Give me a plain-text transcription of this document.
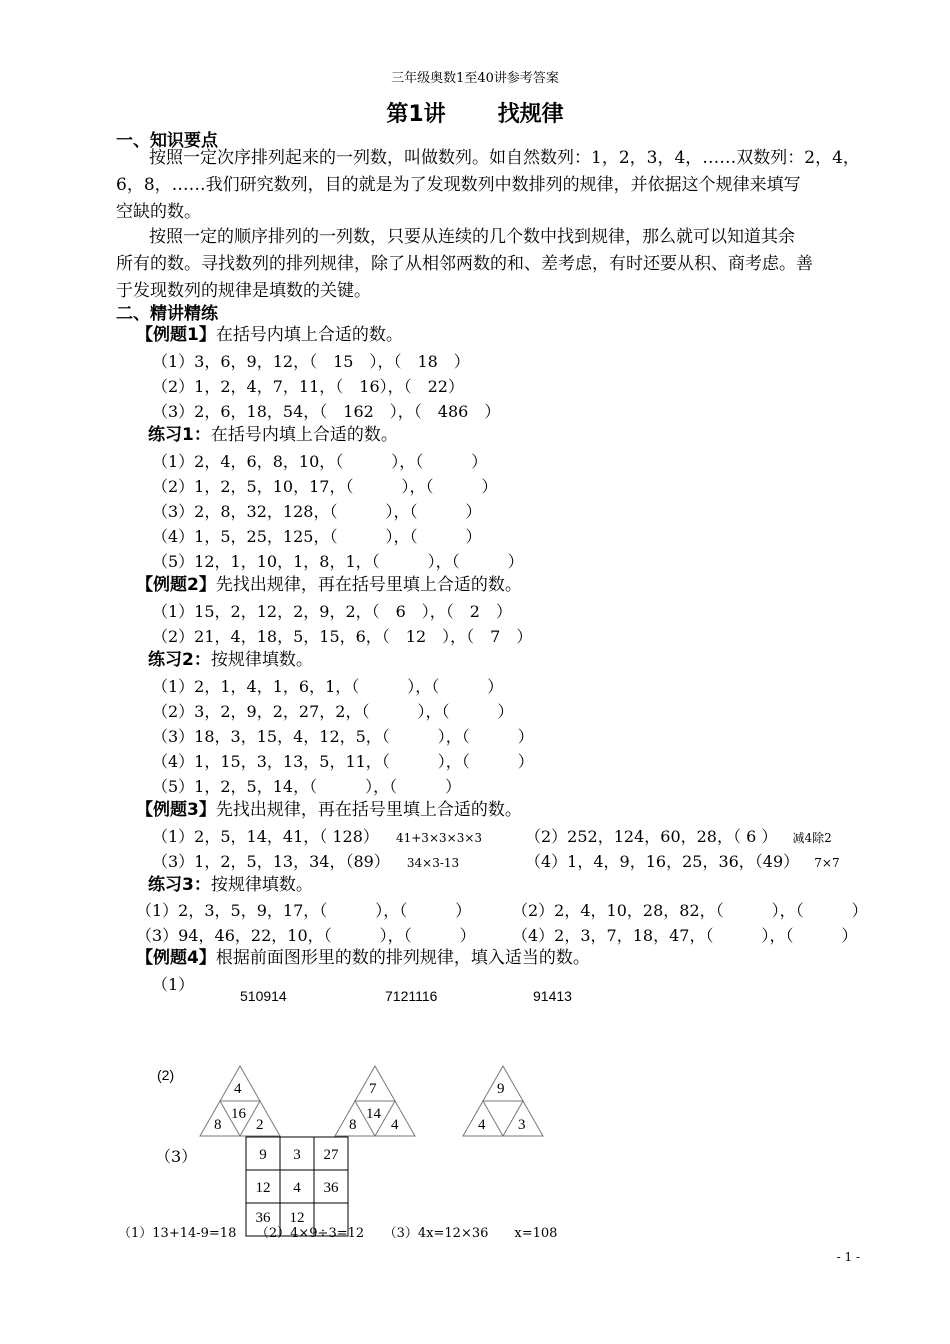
三年级奥数1至40讲参考答案
第1讲 找规律
一、知识要点
按照一定次序排列起来的一列数，叫做数列。如自然数列：1，2，3，4，……双数列：2，4，
6，8，……我们研究数列，目的就是为了发现数列中数排列的规律，并依据这个规律来填写
空缺的数。
按照一定的顺序排列的一列数，只要从连续的几个数中找到规律，那么就可以知道其余
所有的数。寻找数列的排列规律，除了从相邻两数的和、差考虑，有时还要从积、商考虑。善
于发现数列的规律是填数的关键。
二、精讲精练
【例题1】在括号内填上合适的数。
（1）3，6，9，12，（　15　），（　18　）
（2）1，2，4，7，11，（　16），（　22）
（3）2，6，18，54，（　162　），（　486　）
练习1：在括号内填上合适的数。
（1）2，4，6，8，10，（　　　），（　　　）
（2）1，2，5，10，17，（　　　），（　　　）
（3）2，8，32，128，（　　　），（　　　）
（4）1，5，25，125，（　　　），（　　　）
（5）12，1，10，1，8，1，（　　　），（　　　）
【例题2】先找出规律，再在括号里填上合适的数。
（1）15，2，12，2，9，2，（　6　），（　2　）
（2）21，4，18，5，15，6，（　12　），（　7　）
练习2：按规律填数。
（1）2，1，4，1，6，1，（　　　），（　　　）
（2）3，2，9，2，27，2，（　　　），（　　　）
（3）18，3，15，4，12，5，（　　　），（　　　）
（4）1，15，3，13，5，11，（　　　），（　　　）
（5）1，2，5，14，（　　　），（　　　）
【例题3】先找出规律，再在括号里填上合适的数。
（1）2，5，14，41，（ 128） 41+3×3×3×3	（2）252，124，60，28，（ 6 ） 减4除2
（3）1，2，5，13，34，（89） 34×3-13	（4）1，4，9，16，25，36，（49） 7×7
练习3：按规律填数。
（1）2，3，5，9，17，（　　　），（　　　）	（2）2，4，10，28，82，（　　　），（　　　）
（3）94，46，22，10，（　　　），（　　　） （4）2，3，7，18，47，（　　　），（　　　）
【例题4】根据前面图形里的数的排列规律，填入适当的数。
（1）
510914	7121116	91413
(2)
4
16
8 2
7
14
8 4
9
4 3
9 3 27
12 4 36
36 12
（3）
（1）13+14-9=18　　（2）4×9÷3=12　　（3）4x=12×36　　x=108
- 1 -
